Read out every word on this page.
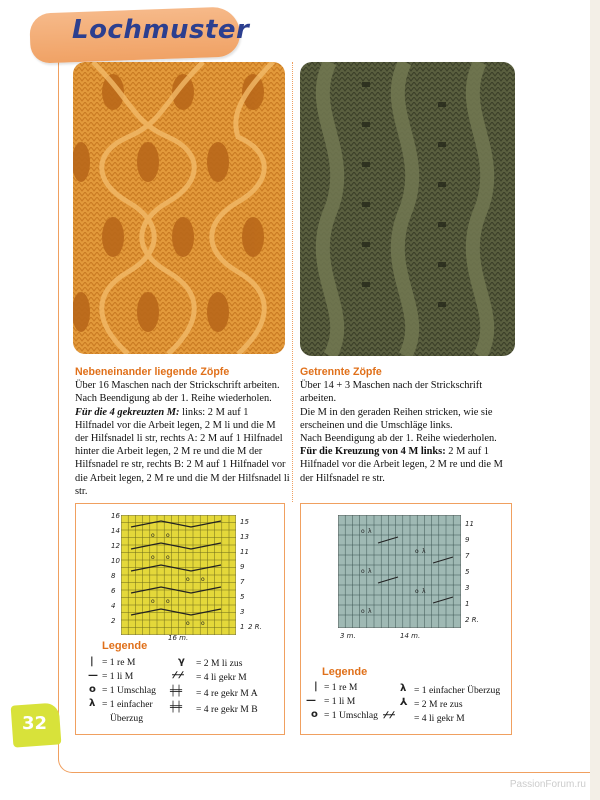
Lochmuster
Nebeneinander liegende Zöpfe

Über 16 Maschen nach der Strickschrift arbeiten.

Nach Beendigung ab der 1. Reihe wiederholen.

Für die 4 gekreuzten M: links: 2 M auf 1 Hilfnadel vor die Arbeit legen, 2 M li und die M der Hilfsnadel li str, rechts A: 2 M auf 1 Hilfnadel hinter die Arbeit legen, 2 M re und die M der Hilfsnadel re str, rechts B: 2 M auf 1 Hilfnadel vor die Arbeit legen, 2 M re und die M der Hilfsnadel li str.

Getrennte Zöpfe

Über 14 + 3 Maschen nach der Strickschrift arbeiten.

Die M in den geraden Reihen stricken, wie sie erscheinen und die Umschläge links.

Nach Beendigung ab der 1. Reihe wiederholen.

Für die Kreuzung von 4 M links: 2 M auf 1 Hilfnadel vor die Arbeit legen, 2 M re und die M der Hilfsnadel re str.

o o
o o
o o
o o
o o
16
14
12
10
8
6
4
2
15
13
11
9
7
5
3
1 2 R.
16 m.
Legende
| = 1 re M
— = 1 li M
o = 1 Umschlag
λ = 1 einfacher
Überzug
γ = 2 M li zus
⌿⌿ = 4 li gekr M
╪╪ = 4 re gekr M A
╪╪ = 4 re gekr M B
o λ
o λ
o λ
o λ
o λ
11
9
7
5
3
1
2 R.
3 m.	14 m.
Legende
| = 1 re M
— = 1 li M
o = 1 Umschlag
λ = 1 einfacher Überzug
⅄ = 2 M re zus
⌿⌿ = 4 li gekr M
32
PassionForum.ru
